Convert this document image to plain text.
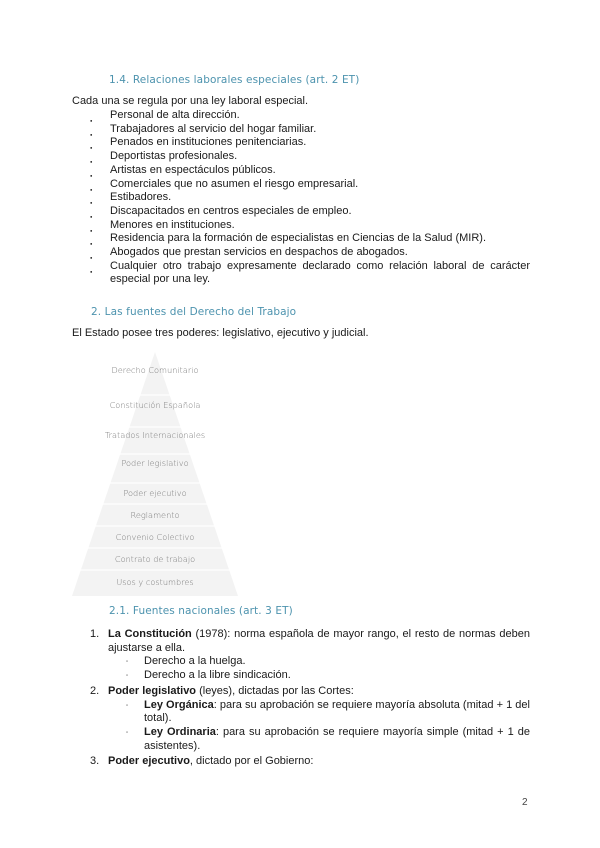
1.4. Relaciones laborales especiales (art. 2 ET)
Cada una se regula por una ley laboral especial.
● Personal de alta dirección.
● Trabajadores al servicio del hogar familiar.
● Penados en instituciones penitenciarias.
● Deportistas profesionales.
● Artistas en espectáculos públicos.
● Comerciales que no asumen el riesgo empresarial.
● Estibadores.
● Discapacitados en centros especiales de empleo.
● Menores en instituciones.
● Residencia para la formación de especialistas en Ciencias de la Salud (MIR).
● Abogados que prestan servicios en despachos de abogados.
● Cualquier otro trabajo expresamente declarado como relación laboral de carácter especial por una ley.
2. Las fuentes del Derecho del Trabajo
El Estado posee tres poderes: legislativo, ejecutivo y judicial.
Derecho Comunitario
Constitución Española
Tratados Internacionales
Poder legislativo
Poder ejecutivo
Reglamento
Convenio Colectivo
Contrato de trabajo
Usos y costumbres
2.1. Fuentes nacionales (art. 3 ET)
1. La Constitución (1978): norma española de mayor rango, el resto de normas deben ajustarse a ella.
▫ Derecho a la huelga.
▫ Derecho a la libre sindicación.
2. Poder legislativo (leyes), dictadas por las Cortes:
▫ Ley Orgánica: para su aprobación se requiere mayoría absoluta (mitad + 1 del total).
▫ Ley Ordinaria: para su aprobación se requiere mayoría simple (mitad + 1 de asistentes).
3. Poder ejecutivo, dictado por el Gobierno:
2
